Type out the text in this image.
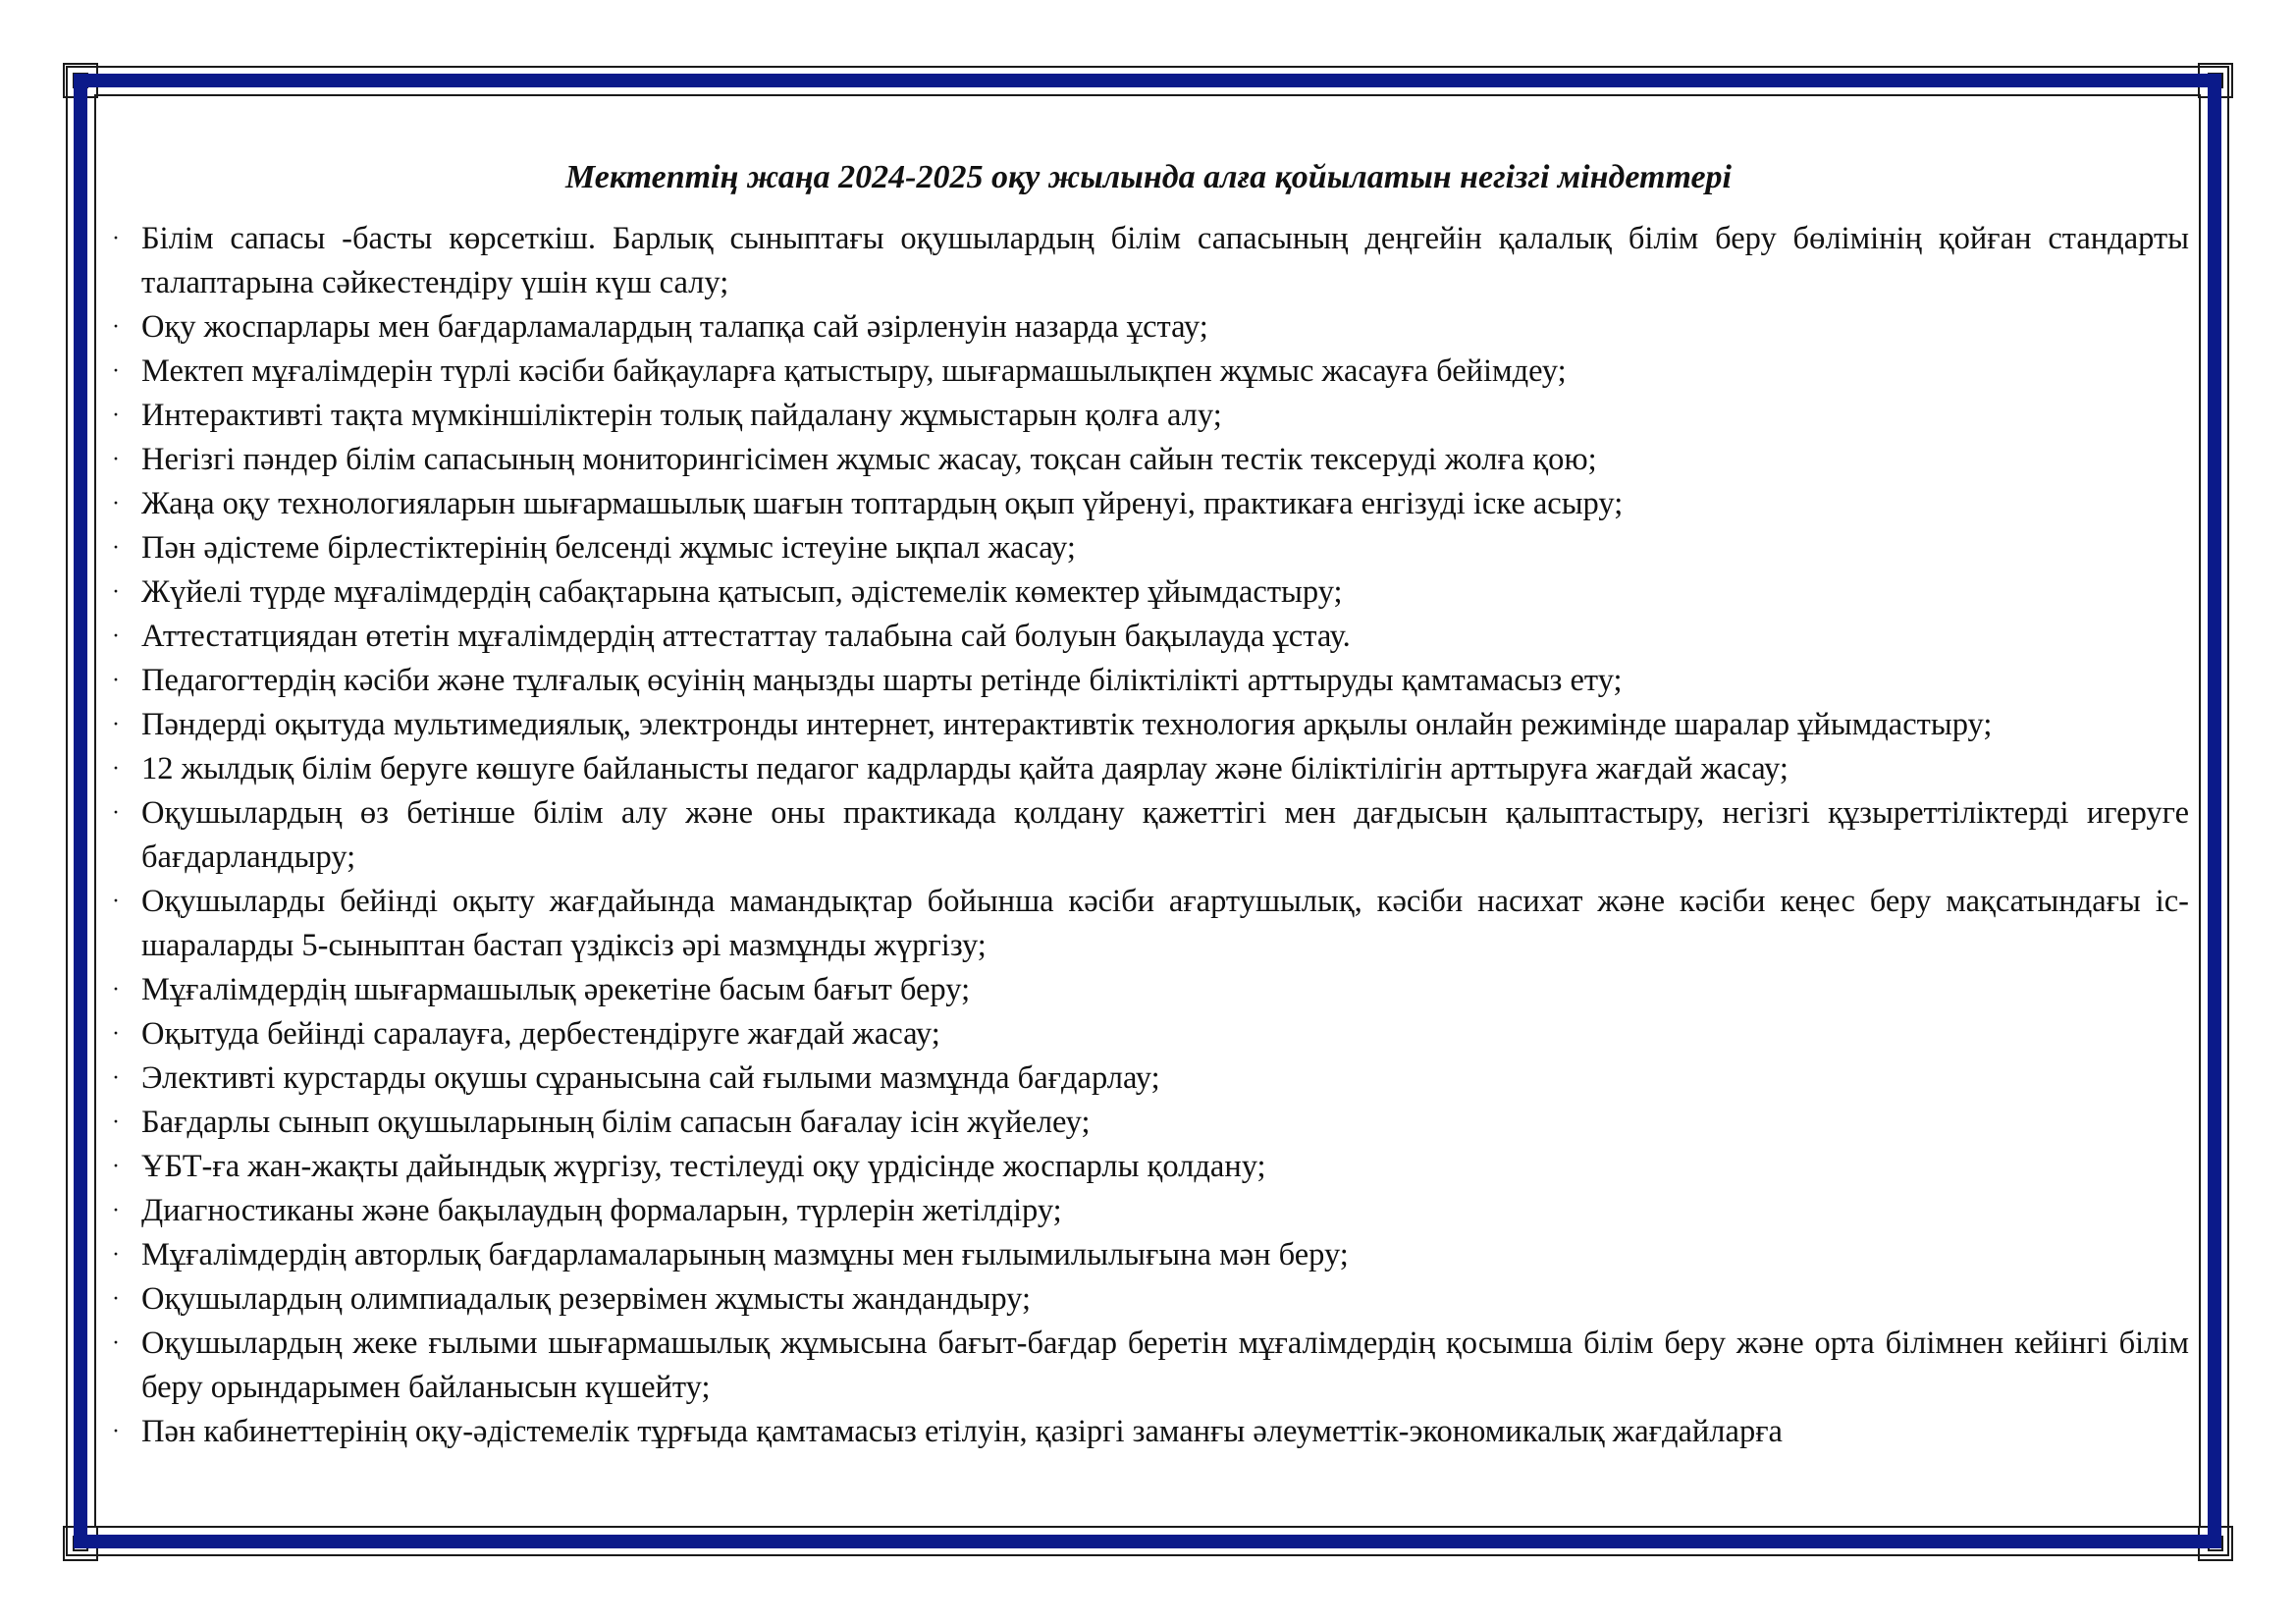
Мектептің жаңа 2024-2025 оқу жылында алға қойылатын негізгі міндеттері
· Білім сапасы -басты көрсеткіш. Барлық сыныптағы оқушылардың білім сапасының деңгейін қалалық білім беру бөлімінің қойған стандарты талаптарына сәйкестендіру үшін күш салу;
· Оқу жоспарлары мен бағдарламалардың талапқа сай әзірленуін назарда ұстау;
· Мектеп мұғалімдерін түрлі кәсіби байқауларға қатыстыру, шығармашылықпен жұмыс жасауға бейімдеу;
· Интерактивті тақта мүмкіншіліктерін толық пайдалану жұмыстарын қолға алу;
· Негізгі пәндер білім сапасының мониторингісімен жұмыс жасау, тоқсан сайын тестік тексеруді жолға қою;
· Жаңа оқу технологияларын шығармашылық шағын топтардың оқып үйренуі, практикаға енгізуді іске асыру;
· Пән әдістеме бірлестіктерінің белсенді жұмыс істеуіне ықпал жасау;
· Жүйелі түрде мұғалімдердің сабақтарына қатысып, әдістемелік көмектер ұйымдастыру;
· Аттестатциядан өтетін мұғалімдердің аттестаттау талабына сай болуын бақылауда ұстау.
· Педагогтердің кәсіби және тұлғалық өсуінің маңызды шарты ретінде біліктілікті арттыруды қамтамасыз ету;
· Пәндерді оқытуда мультимедиялық, электронды интернет, интерактивтік технология арқылы онлайн режимінде шаралар ұйымдастыру;
· 12 жылдық білім беруге көшуге байланысты педагог кадрларды қайта даярлау және біліктілігін арттыруға жағдай жасау;
· Оқушылардың өз бетінше білім алу және оны практикада қолдану қажеттігі мен дағдысын қалыптастыру, негізгі құзыреттіліктерді игеруге бағдарландыру;
· Оқушыларды бейінді оқыту жағдайында мамандықтар бойынша кәсіби ағартушылық, кәсіби насихат және кәсіби кеңес беру мақсатындағы іс-шараларды 5-сыныптан бастап үздіксіз әрі мазмұнды жүргізу;
· Мұғалімдердің шығармашылық әрекетіне басым бағыт беру;
· Оқытуда бейінді саралауға, дербестендіруге жағдай жасау;
· Элективті курстарды оқушы сұранысына сай ғылыми мазмұнда бағдарлау;
· Бағдарлы сынып оқушыларының білім сапасын бағалау ісін жүйелеу;
· ҰБТ-ға жан-жақты дайындық жүргізу, тестілеуді оқу үрдісінде жоспарлы қолдану;
· Диагностиканы және бақылаудың формаларын, түрлерін жетілдіру;
· Мұғалімдердің авторлық бағдарламаларының мазмұны мен ғылымилылығына мән беру;
· Оқушылардың олимпиадалық резервімен жұмысты жандандыру;
· Оқушылардың жеке ғылыми шығармашылық жұмысына бағыт-бағдар беретін мұғалімдердің қосымша білім беру және орта білімнен кейінгі білім беру орындарымен байланысын күшейту;
· Пән кабинеттерінің оқу-әдістемелік тұрғыда қамтамасыз етілуін, қазіргі заманғы әлеуметтік-экономикалық жағдайларға
